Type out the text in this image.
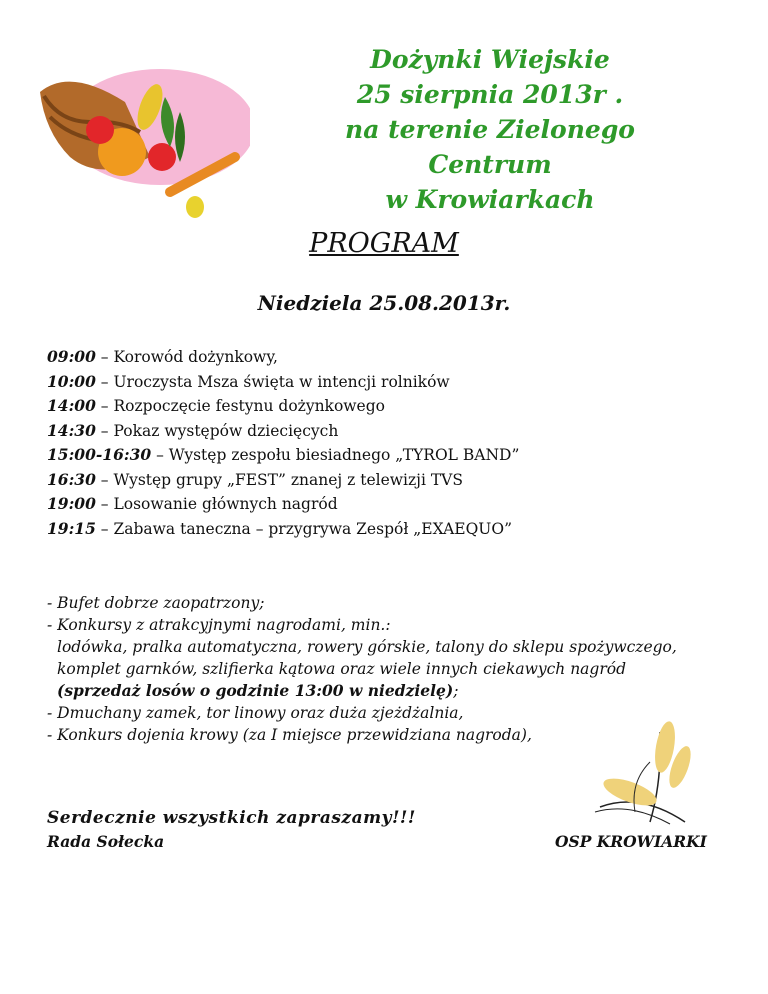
Dożynki Wiejskie
25 sierpnia 2013r .
na terenie Zielonego Centrum
w Krowiarkach
PROGRAM
Niedziela 25.08.2013r.
09:00 – Korowód dożynkowy,
10:00 – Uroczysta Msza święta w intencji rolników
14:00 – Rozpoczęcie festynu dożynkowego
14:30 – Pokaz występów dziecięcych
15:00-16:30 – Występ zespołu biesiadnego „TYROL BAND”
16:30 – Występ grupy „FEST” znanej z telewizji TVS
19:00 – Losowanie głównych nagród
19:15 – Zabawa taneczna – przygrywa Zespół „EXAEQUO”
- Bufet dobrze zaopatrzony;
- Konkursy z atrakcyjnymi nagrodami, min.:
lodówka, pralka automatyczna, rowery górskie, talony do sklepu spożywczego,
komplet garnków, szlifierka kątowa oraz wiele innych ciekawych nagród
(sprzedaż losów o godzinie 13:00 w niedzielę);
- Dmuchany zamek, tor linowy oraz duża zjeżdżalnia,
- Konkurs dojenia krowy (za I miejsce przewidziana nagroda),
Serdecznie wszystkich zapraszamy!!!
Rada Sołecka	OSP KROWIARKI
